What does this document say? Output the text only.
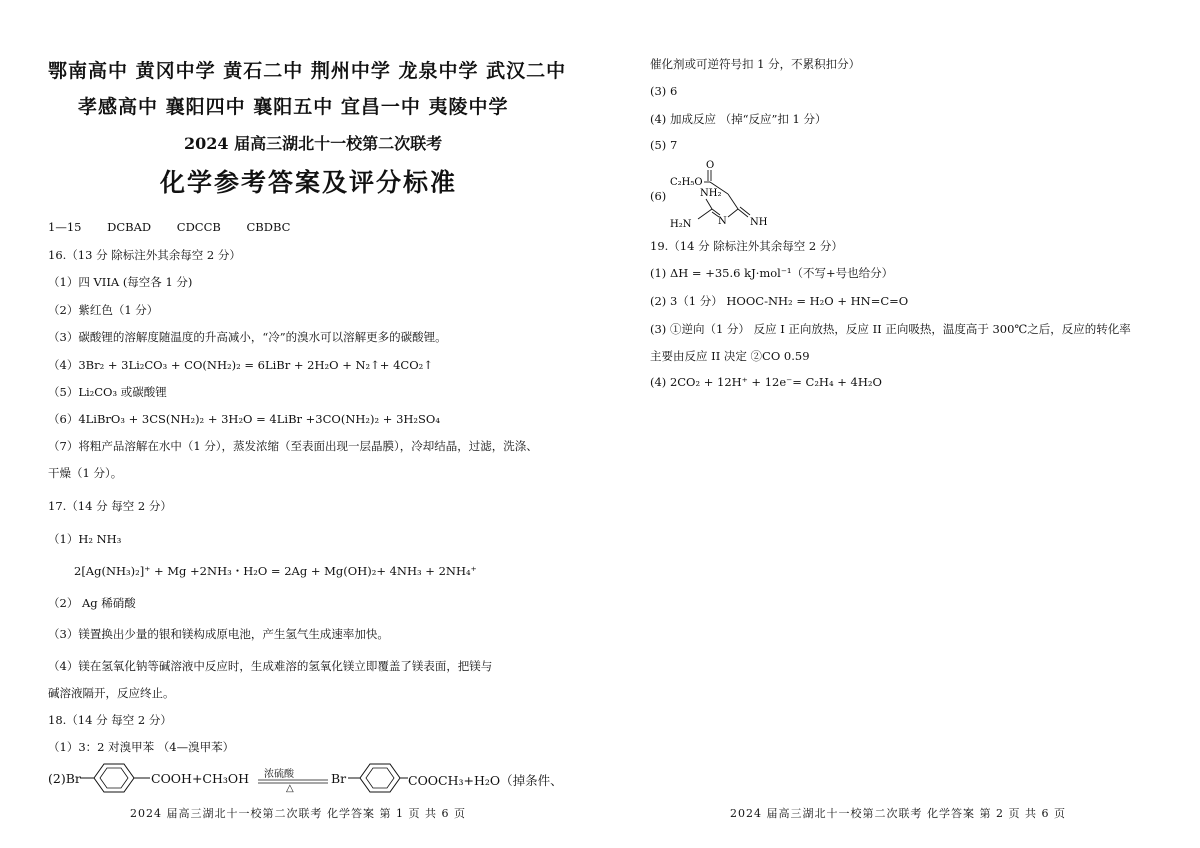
鄂南高中 黄冈中学 黄石二中 荆州中学 龙泉中学 武汉二中
孝感高中 襄阳四中 襄阳五中 宜昌一中 夷陵中学
2024 届高三湖北十一校第二次联考
化学参考答案及评分标准
1—15 DCBAD CDCCB CBDBC
16.（13 分 除标注外其余每空 2 分）
（1）四 VIIA (每空各 1 分)
（2）紫红色（1 分）
（3）碳酸锂的溶解度随温度的升高减小，“冷”的溴水可以溶解更多的碳酸锂。
（4）3Br₂ + 3Li₂CO₃ + CO(NH₂)₂ = 6LiBr + 2H₂O + N₂↑+ 4CO₂↑
（5）Li₂CO₃ 或碳酸锂
（6）4LiBrO₃ + 3CS(NH₂)₂ + 3H₂O = 4LiBr +3CO(NH₂)₂ + 3H₂SO₄
（7）将粗产品溶解在水中（1 分），蒸发浓缩（至表面出现一层晶膜），冷却结晶，过滤，洗涤、
干燥（1 分）。
17.（14 分 每空 2 分）
（1）H₂ NH₃
2[Ag(NH₃)₂]⁺ + Mg +2NH₃・H₂O = 2Ag + Mg(OH)₂+ 4NH₃ + 2NH₄⁺
（2） Ag 稀硝酸
（3）镁置换出少量的银和镁构成原电池，产生氢气生成速率加快。
（4）镁在氢氧化钠等碱溶液中反应时，生成难溶的氢氧化镁立即覆盖了镁表面，把镁与
碱溶液隔开，反应终止。
18.（14 分 每空 2 分）
（1）3：2 对溴甲苯 （4—溴甲苯）
(2)Br	COOH+CH₃OH 浓硫酸
△
Br	COOCH₃+H₂O（掉条件、
2024 届高三湖北十一校第二次联考 化学答案 第 1 页 共 6 页
催化剂或可逆符号扣 1 分，不累积扣分）
(3) 6
(4) 加成反应 （掉“反应”扣 1 分）
(5) 7
(6)
O
C₂H₅O
NH₂
N
H₂N	NH
19.（14 分 除标注外其余每空 2 分）
(1) ΔH = +35.6 kJ·mol⁻¹（不写+号也给分）
(2) 3（1 分） HOOC-NH₂ = H₂O + HN=C=O
(3) ①逆向（1 分） 反应 I 正向放热，反应 II 正向吸热，温度高于 300℃之后，反应的转化率
主要由反应 II 决定 ②CO 0.59
(4) 2CO₂ + 12H⁺ + 12e⁻= C₂H₄ + 4H₂O
2024 届高三湖北十一校第二次联考 化学答案 第 2 页 共 6 页
